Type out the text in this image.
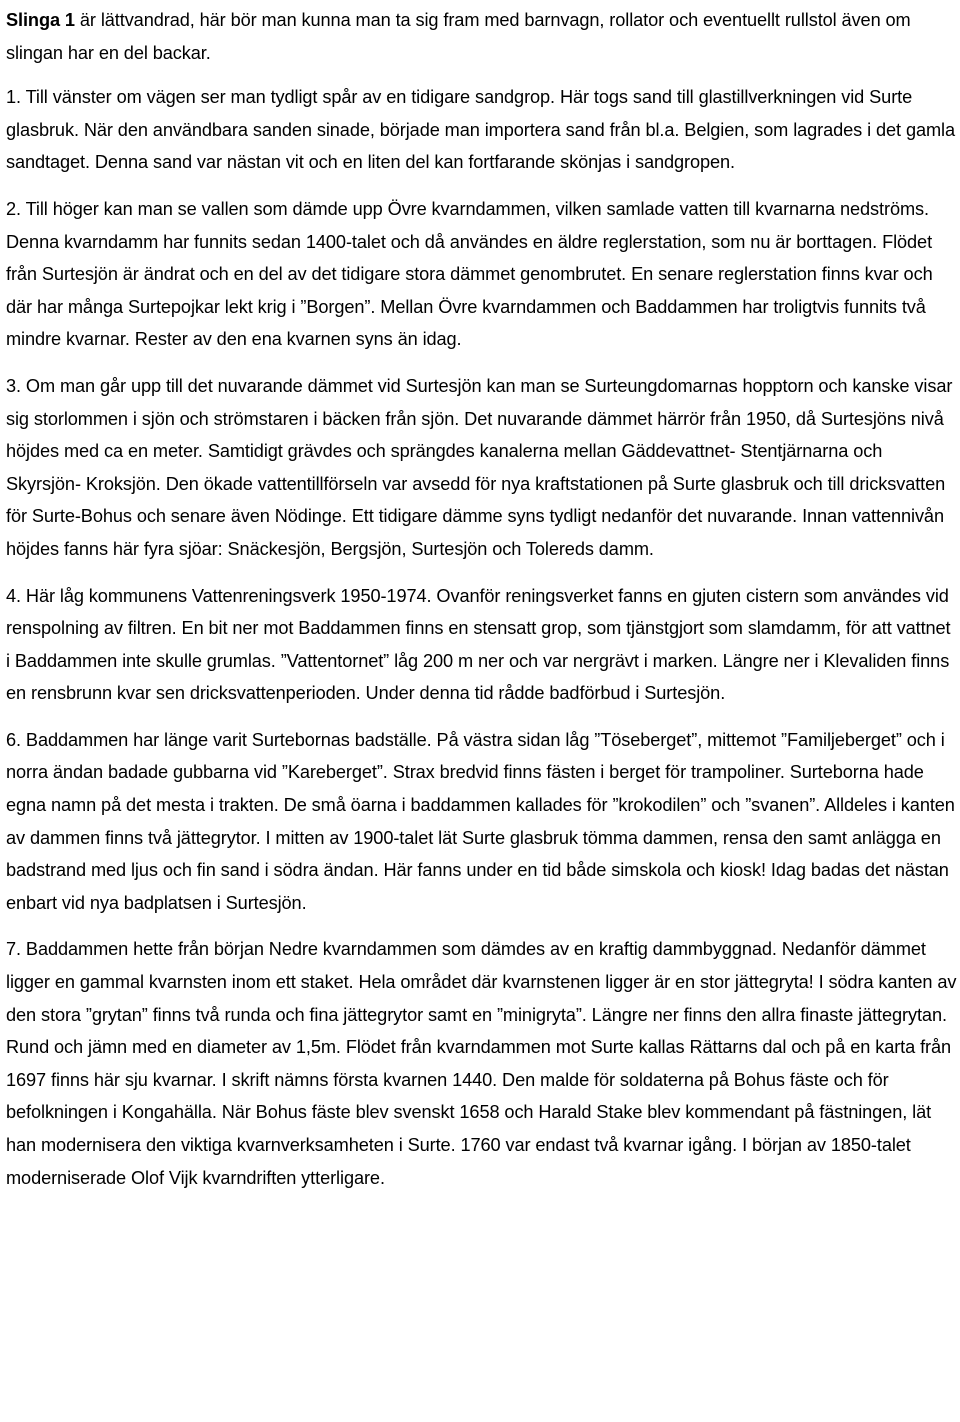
Slinga 1 är lättvandrad, här bör man kunna man ta sig fram med barnvagn, rollator och eventuellt rullstol även om slingan har en del backar.

1. Till vänster om vägen ser man tydligt spår av en tidigare sandgrop. Här togs sand till glastillverkningen vid Surte glasbruk. När den användbara sanden sinade, började man importera sand från bl.a. Belgien, som lagrades i det gamla sandtaget. Denna sand var nästan vit och en liten del kan fortfarande skönjas i sandgropen.

2. Till höger kan man se vallen som dämde upp Övre kvarndammen, vilken samlade vatten till kvarnarna nedströms. Denna kvarndamm har funnits sedan 1400-talet och då användes en äldre reglerstation, som nu är borttagen. Flödet från Surtesjön är ändrat och en del av det tidigare stora dämmet genombrutet. En senare reglerstation finns kvar och där har många Surtepojkar lekt krig i ”Borgen”. Mellan Övre kvarndammen och Baddammen har troligtvis funnits två mindre kvarnar. Rester av den ena kvarnen syns än idag.

3. Om man går upp till det nuvarande dämmet vid Surtesjön kan man se Surteungdomarnas hopptorn och kanske visar sig storlommen i sjön och strömstaren i bäcken från sjön. Det nuvarande dämmet härrör från 1950, då Surtesjöns nivå höjdes med ca en meter. Samtidigt grävdes och sprängdes kanalerna mellan Gäddevattnet- Stentjärnarna och Skyrsjön- Kroksjön. Den ökade vattentillförseln var avsedd för nya kraftstationen på Surte glasbruk och till dricksvatten för Surte-Bohus och senare även Nödinge. Ett tidigare dämme syns tydligt nedanför det nuvarande. Innan vattennivån höjdes fanns här fyra sjöar: Snäckesjön, Bergsjön, Surtesjön och Tolereds damm.

4. Här låg kommunens Vattenreningsverk 1950-1974. Ovanför reningsverket fanns en gjuten cistern som användes vid renspolning av filtren. En bit ner mot Baddammen finns en stensatt grop, som tjänstgjort som slamdamm, för att vattnet i Baddammen inte skulle grumlas. ”Vattentornet” låg 200 m ner och var nergrävt i marken. Längre ner i Klevaliden finns en rensbrunn kvar sen dricksvattenperioden. Under denna tid rådde badförbud i Surtesjön.

6. Baddammen har länge varit Surtebornas badställe. På västra sidan låg ”Töseberget”, mittemot ”Familjeberget” och i norra ändan badade gubbarna vid ”Kareberget”. Strax bredvid finns fästen i berget för trampoliner. Surteborna hade egna namn på det mesta i trakten. De små öarna i baddammen kallades för ”krokodilen” och ”svanen”. Alldeles i kanten av dammen finns två jättegrytor. I mitten av 1900-talet lät Surte glasbruk tömma dammen, rensa den samt anlägga en badstrand med ljus och fin sand i södra ändan. Här fanns under en tid både simskola och kiosk! Idag badas det nästan enbart vid nya badplatsen i Surtesjön.

7. Baddammen hette från början Nedre kvarndammen som dämdes av en kraftig dammbyggnad. Nedanför dämmet ligger en gammal kvarnsten inom ett staket. Hela området där kvarnstenen ligger är en stor jättegryta! I södra kanten av den stora ”grytan” finns två runda och fina jättegrytor samt en ”minigryta”. Längre ner finns den allra finaste jättegrytan. Rund och jämn med en diameter av 1,5m. Flödet från kvarndammen mot Surte kallas Rättarns dal och på en karta från 1697 finns här sju kvarnar. I skrift nämns första kvarnen 1440. Den malde för soldaterna på Bohus fäste och för befolkningen i Kongahälla. När Bohus fäste blev svenskt 1658 och Harald Stake blev kommendant på fästningen, lät han modernisera den viktiga kvarnverksamheten i Surte. 1760 var endast två kvarnar igång. I början av 1850-talet moderniserade Olof Vijk kvarndriften ytterligare.
